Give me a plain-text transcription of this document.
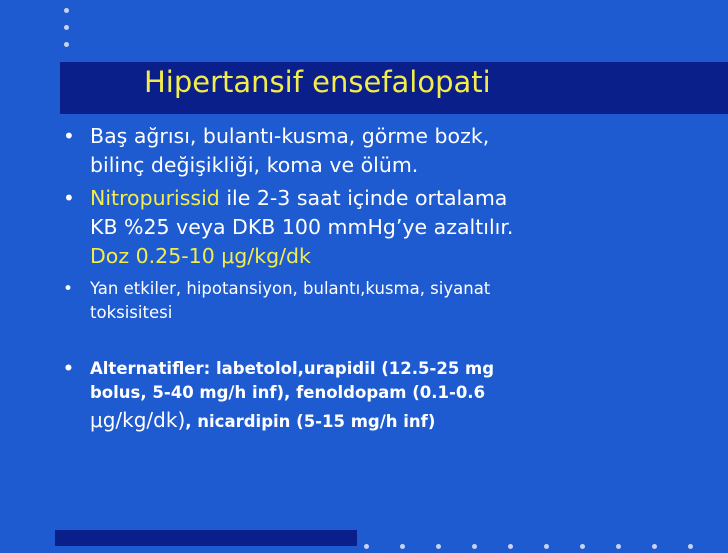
Hipertansif ensefalopati
• Baş ağrısı, bulantı-kusma, görme bozk,
bilinç değişikliği, koma ve ölüm.
• Nitropurissid ile 2-3 saat içinde ortalama
KB %25 veya DKB 100 mmHg’ye azaltılır.
Doz 0.25-10 μg/kg/dk
• Yan etkiler, hipotansiyon, bulantı,kusma, siyanat
toksisitesi
• Alternatifler: labetolol,urapidil (12.5-25 mg
bolus, 5-40 mg/h inf), fenoldopam (0.1-0.6
μg/kg/dk), nicardipin (5-15 mg/h inf)
